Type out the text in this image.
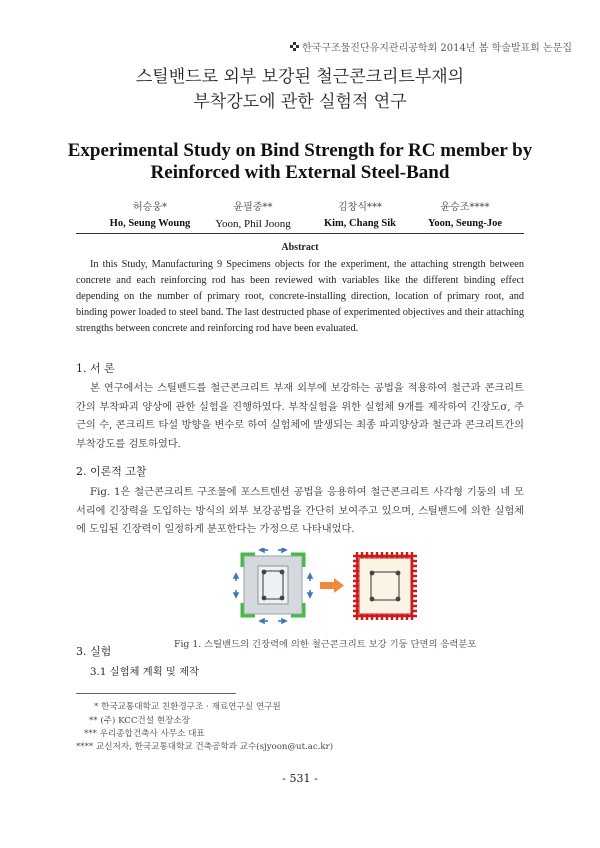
한국구조물진단유지관리공학회 2014년 봄 학술발표회 논문집
스틸밴드로 외부 보강된 철근콘크리트부재의
부착강도에 관한 실험적 연구
Experimental Study on Bind Strength for RC member by
Reinforced with External Steel-Band
허승웅*
Ho, Seung Woung
윤필중**
Yoon, Phil Joong
김창식***
Kim, Chang Sik
윤승조****
Yoon, Seung-Joe
Abstract
In this Study, Manufacturing 9 Specimens objects for the experiment, the attaching strength between concrete and each reinforcing rod has been reviewed with variables like the different binding effect depending on the number of primary root, concrete-installing direction, location of primary root, and binding power loaded to steel band. The last destructed phase of experimented objectives and their attaching strengths between concrete and reinforcing rod have been evaluated.
1. 서 론
본 연구에서는 스틸밴드를 철근콘크리트 부재 외부에 보강하는 공법을 적용하여 철근과 콘크리트간의 부착파괴 양상에 관한 실험을 진행하였다. 부착실험을 위한 실험체 9개를 제작하여 긴장도σ, 주근의 수, 콘크리트 타설 방향을 변수로 하여 실험체에 발생되는 최종 파괴양상과 철근과 콘크리트간의 부착강도를 검토하였다.
2. 이론적 고찰
Fig. 1은 철근콘크리트 구조물에 포스트텐션 공법을 응용하여 철근콘크리트 사각형 기둥의 네 모서리에 긴장력을 도입하는 방식의 외부 보강공법을 간단히 보여주고 있으며, 스틸밴드에 의한 실험체에 도입된 긴장력이 일정하게 분포한다는 가정으로 나타내었다.
Fig 1. 스틸밴드의 긴장력에 의한 철근콘크리트 보강 기둥 단면의 응력분포
3. 실험
3.1 실험체 계획 및 제작
* 한국교통대학교 친환경구조 · 재료연구실 연구원
** (주) KCC건설 현장소장
*** 우리종합건축사 사무소 대표
**** 교신저자, 한국교통대학교 건축공학과 교수(sjyoon@ut.ac.kr)
- 531 -
